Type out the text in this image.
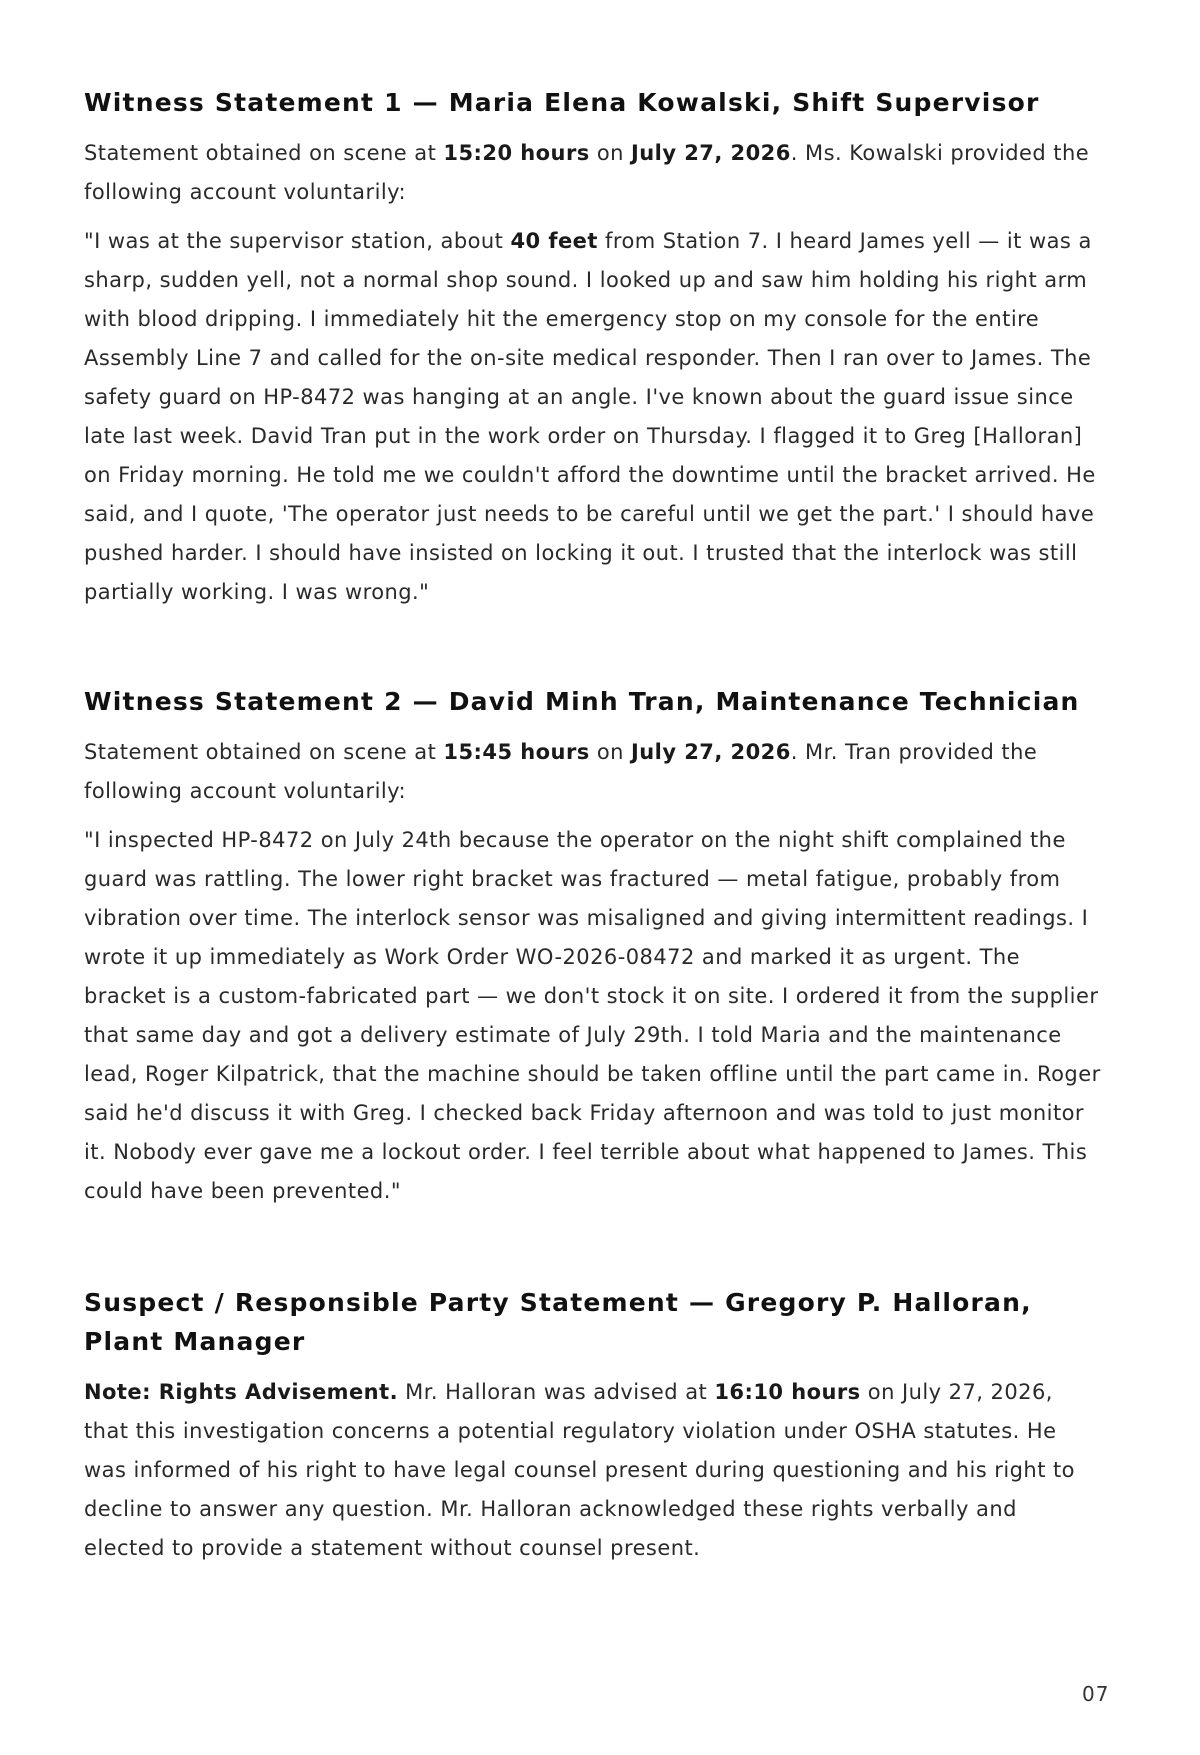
Witness Statement 1 — Maria Elena Kowalski, Shift Supervisor

Statement obtained on scene at 15:20 hours on July 27, 2026. Ms. Kowalski provided the following account voluntarily:

"I was at the supervisor station, about 40 feet from Station 7. I heard James yell — it was a sharp, sudden yell, not a normal shop sound. I looked up and saw him holding his right arm with blood dripping. I immediately hit the emergency stop on my console for the entire Assembly Line 7 and called for the on-site medical responder. Then I ran over to James. The safety guard on HP-8472 was hanging at an angle. I've known about the guard issue since late last week. David Tran put in the work order on Thursday. I flagged it to Greg [Halloran] on Friday morning. He told me we couldn't afford the downtime until the bracket arrived. He said, and I quote, 'The operator just needs to be careful until we get the part.' I should have pushed harder. I should have insisted on locking it out. I trusted that the interlock was still partially working. I was wrong."

Witness Statement 2 — David Minh Tran, Maintenance Technician

Statement obtained on scene at 15:45 hours on July 27, 2026. Mr. Tran provided the following account voluntarily:

"I inspected HP-8472 on July 24th because the operator on the night shift complained the guard was rattling. The lower right bracket was fractured — metal fatigue, probably from vibration over time. The interlock sensor was misaligned and giving intermittent readings. I wrote it up immediately as Work Order WO-2026-08472 and marked it as urgent. The bracket is a custom-fabricated part — we don't stock it on site. I ordered it from the supplier that same day and got a delivery estimate of July 29th. I told Maria and the maintenance lead, Roger Kilpatrick, that the machine should be taken offline until the part came in. Roger said he'd discuss it with Greg. I checked back Friday afternoon and was told to just monitor it. Nobody ever gave me a lockout order. I feel terrible about what happened to James. This could have been prevented."

Suspect / Responsible Party Statement — Gregory P. Halloran, Plant Manager

Note: Rights Advisement. Mr. Halloran was advised at 16:10 hours on July 27, 2026, that this investigation concerns a potential regulatory violation under OSHA statutes. He was informed of his right to have legal counsel present during questioning and his right to decline to answer any question. Mr. Halloran acknowledged these rights verbally and elected to provide a statement without counsel present.

07
